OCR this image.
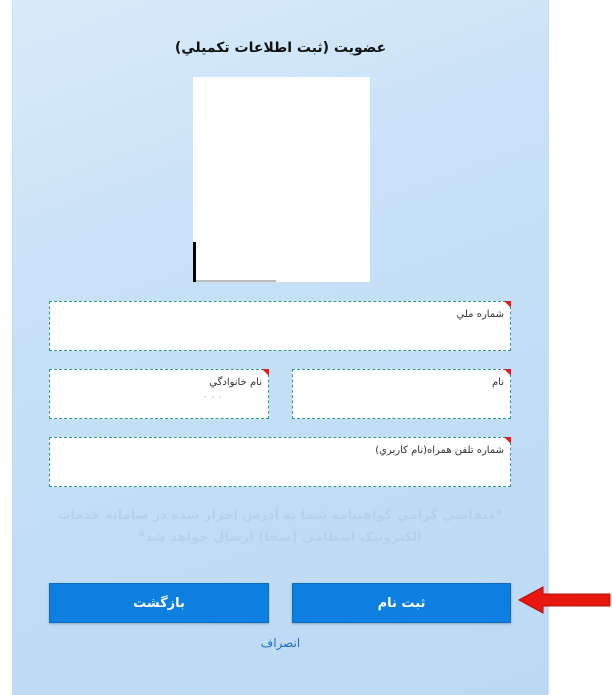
عضویت (ثبت اطلاعات تکمیلي)
شماره ملي
نام خانوادگي
· · ·
نام
شماره تلفن همراه(نام كاربري)
*متقاضي گرامي گواهينامه شما به آدرس احراز شده در سامانه خدمات الكترونيک انتظامي (سخا) ارسال خواهد شد*
ثبت نام
بازگشت
انصراف
